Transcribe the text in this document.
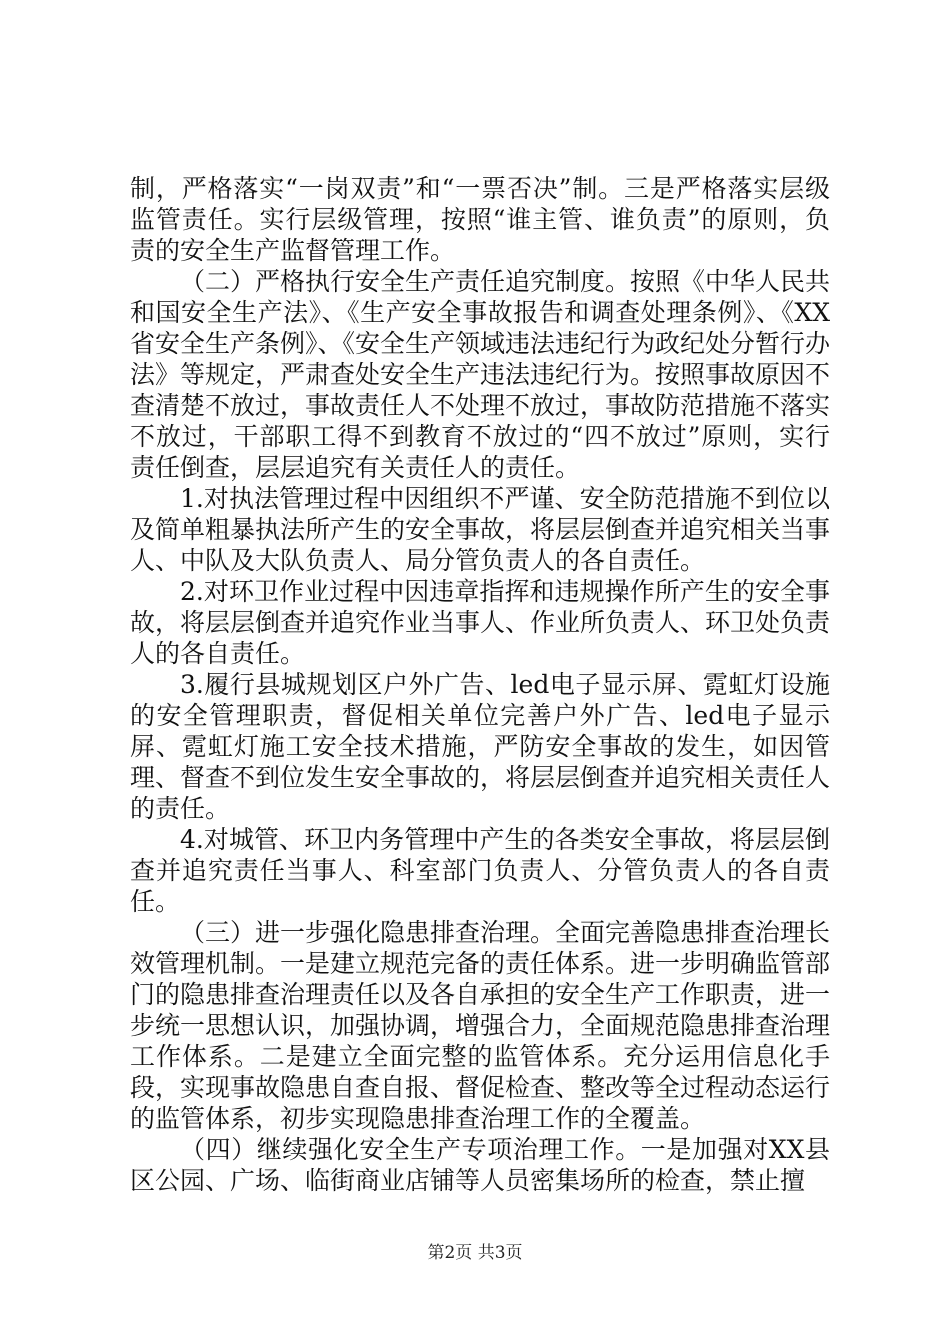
制，严格落实“一岗双责”和“一票否决”制。三是严格落实层级监管责任。实行层级管理，按照“谁主管、谁负责”的原则，负责的安全生产监督管理工作。

（二）严格执行安全生产责任追究制度。按照《中华人民共和国安全生产法》、《生产安全事故报告和调查处理条例》、《XX省安全生产条例》、《安全生产领域违法违纪行为政纪处分暂行办法》等规定，严肃查处安全生产违法违纪行为。按照事故原因不查清楚不放过，事故责任人不处理不放过，事故防范措施不落实不放过，干部职工得不到教育不放过的“四不放过”原则，实行责任倒查，层层追究有关责任人的责任。

1.对执法管理过程中因组织不严谨、安全防范措施不到位以及简单粗暴执法所产生的安全事故，将层层倒查并追究相关当事人、中队及大队负责人、局分管负责人的各自责任。

2.对环卫作业过程中因违章指挥和违规操作所产生的安全事故，将层层倒查并追究作业当事人、作业所负责人、环卫处负责人的各自责任。

3.履行县城规划区户外广告、led电子显示屏、霓虹灯设施的安全管理职责，督促相关单位完善户外广告、led电子显示屏、霓虹灯施工安全技术措施，严防安全事故的发生，如因管理、督查不到位发生安全事故的，将层层倒查并追究相关责任人的责任。

4.对城管、环卫内务管理中产生的各类安全事故，将层层倒查并追究责任当事人、科室部门负责人、分管负责人的各自责任。

（三）进一步强化隐患排查治理。全面完善隐患排查治理长效管理机制。一是建立规范完备的责任体系。进一步明确监管部门的隐患排查治理责任以及各自承担的安全生产工作职责，进一步统一思想认识，加强协调，增强合力，全面规范隐患排查治理工作体系。二是建立全面完整的监管体系。充分运用信息化手段，实现事故隐患自查自报、督促检查、整改等全过程动态运行的监管体系，初步实现隐患排查治理工作的全覆盖。

（四）继续强化安全生产专项治理工作。一是加强对XX县区公园、广场、临街商业店铺等人员密集场所的检查，禁止擅

第2页 共3页
